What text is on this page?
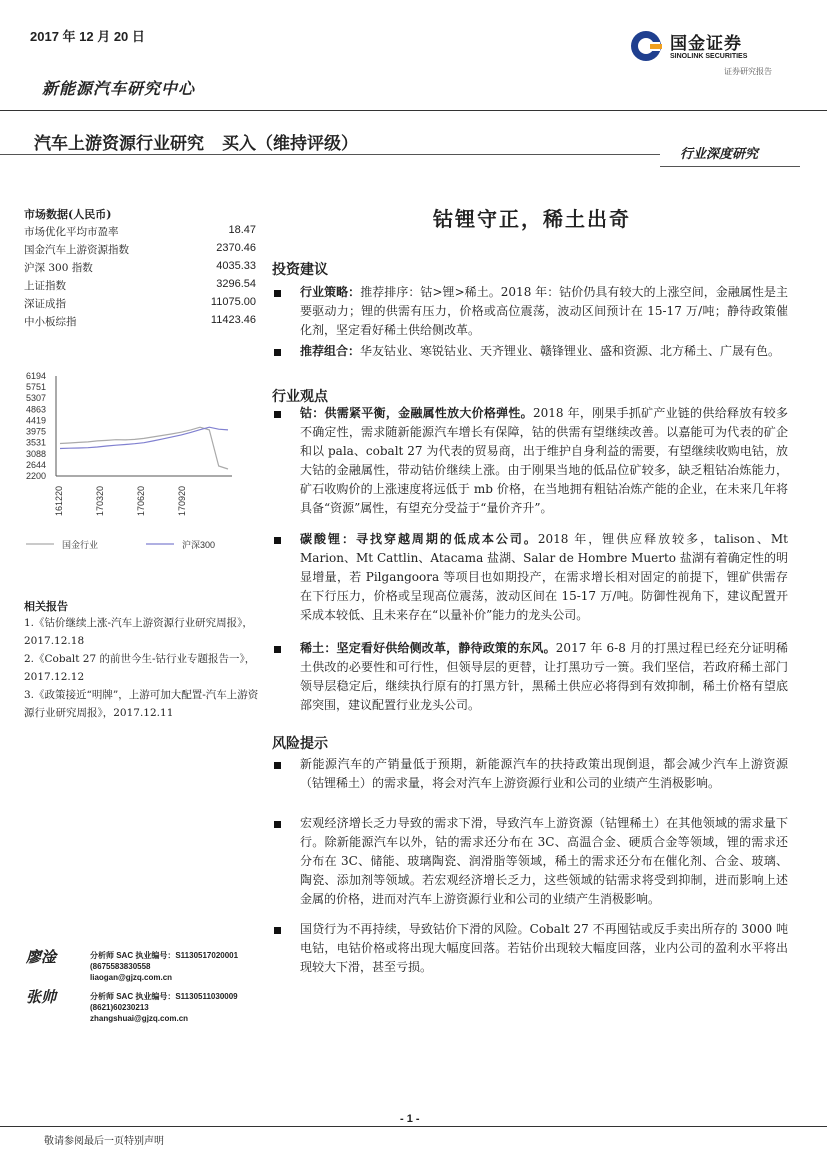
2017 年 12 月 20 日
新能源汽车研究中心
汽车上游资源行业研究 买入（维持评级）
行业深度研究
国金证券
SINOLINK SECURITIES
证券研究报告
市场数据(人民币)
市场优化平均市盈率	18.47
国金汽车上游资源指数	2370.46
沪深 300 指数	4035.33
上证指数	3296.54
深证成指	11075.00
中小板综指	11423.46
6194
5751
5307
4863
4419
3975
3531
3088
2644
2200
161220	170320	170620	170920
国金行业	沪深300
相关报告
1.《钴价继续上涨-汽车上游资源行业研究周报》，2017.12.18
2.《Cobalt 27 的前世今生-钴行业专题报告一》，2017.12.12
3.《政策接近“明牌”，上游可加大配置-汽车上游资源行业研究周报》，2017.12.11
廖淦	分析师 SAC 执业编号：S1130517020001
(8675583830558
liaogan@gjzq.com.cn
张帅	分析师 SAC 执业编号：S1130511030009
(8621)60230213
zhangshuai@gjzq.com.cn
钴锂守正，稀土出奇
投资建议
行业策略：推荐排序：钴>锂>稀土。2018 年：钴价仍具有较大的上涨空间，金融属性是主要驱动力；锂的供需有压力，价格或高位震荡，波动区间预计在 15-17 万/吨；静待政策催化剂，坚定看好稀土供给侧改革。
推荐组合：华友钴业、寒锐钴业、天齐锂业、赣锋锂业、盛和资源、北方稀土、广晟有色。
行业观点
钴：供需紧平衡，金融属性放大价格弹性。2018 年，刚果手抓矿产业链的供给释放有较多不确定性，需求随新能源汽车增长有保障，钴的供需有望继续改善。以嘉能可为代表的矿企和以 pala、cobalt 27 为代表的贸易商，出于维护自身利益的需要，有望继续收购电钴，放大钴的金融属性，带动钴价继续上涨。由于刚果当地的低品位矿较多，缺乏粗钴冶炼能力，矿石收购价的上涨速度将远低于 mb 价格，在当地拥有粗钴冶炼产能的企业，在未来几年将具备“资源”属性，有望充分受益于“量价齐升”。
碳酸锂：寻找穿越周期的低成本公司。2018 年，锂供应释放较多，talison、Mt Marion、Mt Cattlin、Atacama 盐湖、Salar de Hombre Muerto 盐湖有着确定性的明显增量，若 Pilgangoora 等项目也如期投产，在需求增长相对固定的前提下，锂矿供需存在下行压力，价格或呈现高位震荡，波动区间在 15-17 万/吨。防御性视角下，建议配置开采成本较低、且未来存在“以量补价”能力的龙头公司。
稀土：坚定看好供给侧改革，静待政策的东风。2017 年 6-8 月的打黑过程已经充分证明稀土供改的必要性和可行性，但领导层的更替，让打黑功亏一篑。我们坚信，若政府稀土部门领导层稳定后，继续执行原有的打黑方针，黑稀土供应必将得到有效抑制，稀土价格有望底部突围，建议配置行业龙头公司。
风险提示
新能源汽车的产销量低于预期，新能源汽车的扶持政策出现倒退，都会减少汽车上游资源（钴锂稀土）的需求量，将会对汽车上游资源行业和公司的业绩产生消极影响。
宏观经济增长乏力导致的需求下滑，导致汽车上游资源（钴锂稀土）在其他领域的需求量下行。除新能源汽车以外，钴的需求还分布在 3C、高温合金、硬质合金等领域，锂的需求还分布在 3C、储能、玻璃陶瓷、润滑脂等领域，稀土的需求还分布在催化剂、合金、玻璃、陶瓷、添加剂等领域。若宏观经济增长乏力，这些领域的钴需求将受到抑制，进而影响上述金属的价格，进而对汽车上游资源行业和公司的业绩产生消极影响。
国贷行为不再持续，导致钴价下滑的风险。Cobalt 27 不再囤钴或反手卖出所存的 3000 吨电钴，电钴价格或将出现大幅度回落。若钴价出现较大幅度回落，业内公司的盈利水平将出现较大下滑，甚至亏损。
- 1 -
敬请参阅最后一页特别声明
